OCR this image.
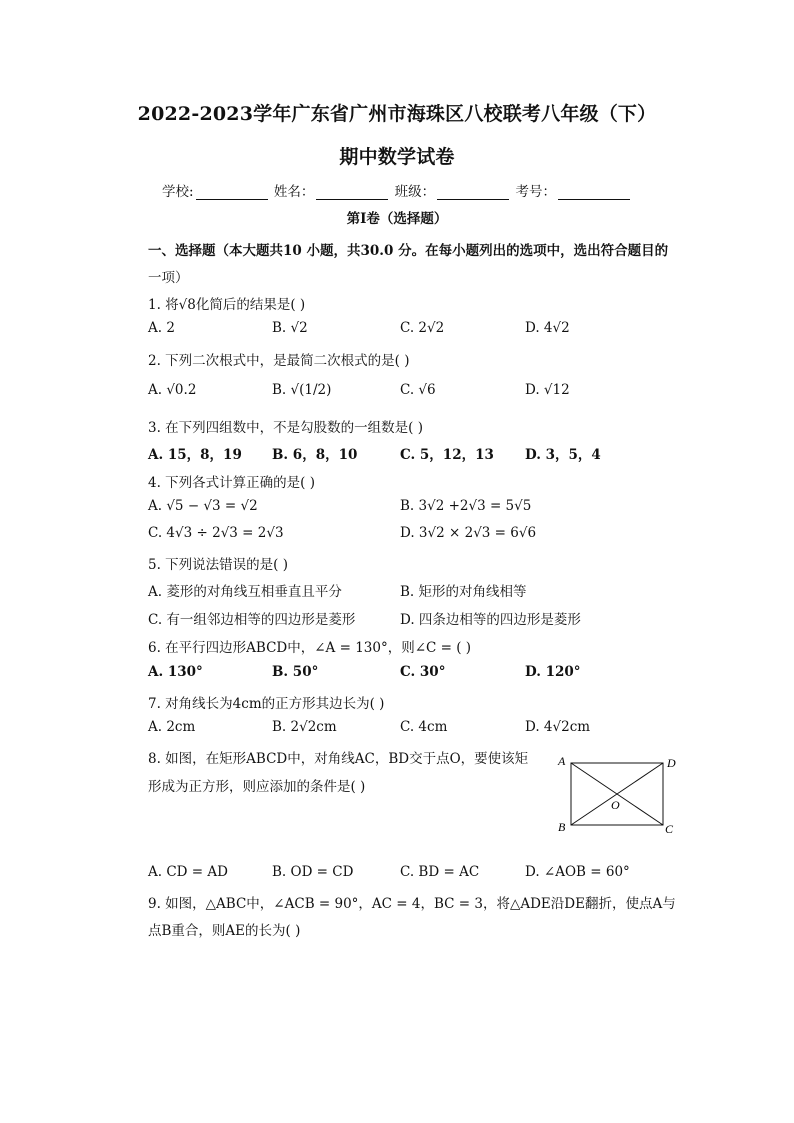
2022-2023学年广东省广州市海珠区八校联考八年级（下）
期中数学试卷
学校:	姓名：	班级：	考号：
第I卷（选择题）
一、选择题（本大题共10 小题，共30.0 分。在每小题列出的选项中，选出符合题目的
一项）
1. 将√8化简后的结果是( )
A. 2	B. √2	C. 2√2	D. 4√2
2. 下列二次根式中，是最简二次根式的是( )
A. √0.2	B. √(1/2)	C. √6	D. √12
3. 在下列四组数中，不是勾股数的一组数是( )
A. 15，8，19 B. 6，8，10	C. 5，12，13 D. 3，5，4
4. 下列各式计算正确的是( )
A. √5 − √3 = √2	B. 3√2 +2√3 = 5√5
C. 4√3 ÷ 2√3 = 2√3	D. 3√2 × 2√3 = 6√6
5. 下列说法错误的是( )
A. 菱形的对角线互相垂直且平分	B. 矩形的对角线相等
C. 有一组邻边相等的四边形是菱形	D. 四条边相等的四边形是菱形
6. 在平行四边形ABCD中，∠A = 130°，则∠C = ( )
A. 130°	B. 50°	C. 30°	D. 120°
7. 对角线长为4cm的正方形其边长为( )
A. 2cm	B. 2√2cm	C. 4cm	D. 4√2cm
8. 如图，在矩形ABCD中，对角线AC，BD交于点O，要使该矩
形成为正方形，则应添加的条件是( )
A	D
B	C
O
A. CD = AD	B. OD = CD	C. BD = AC	D. ∠AOB = 60°
9. 如图，△ABC中，∠ACB = 90°，AC = 4，BC = 3，将△ADE沿DE翻折，使点A与
点B重合，则AE的长为( )
